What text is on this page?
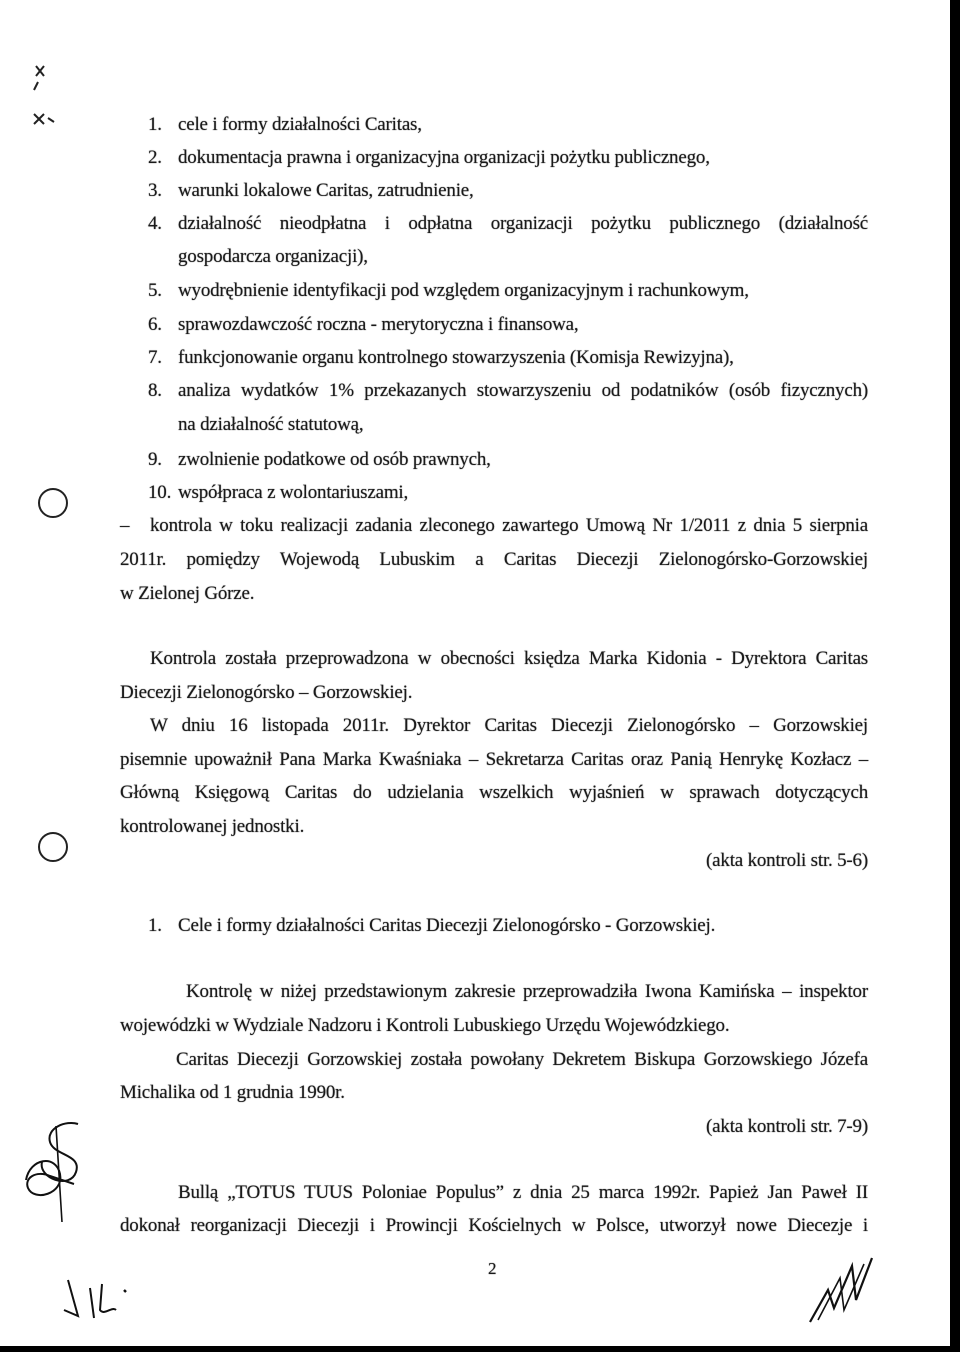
1. cele i formy działalności Caritas,
2. dokumentacja prawna i organizacyjna organizacji pożytku publicznego,
3. warunki lokalowe Caritas, zatrudnienie,
4. działalność nieodpłatna i odpłatna organizacji pożytku publicznego (działalność
gospodarcza organizacji),
5. wyodrębnienie identyfikacji pod względem organizacyjnym i rachunkowym,
6. sprawozdawczość roczna - merytoryczna i finansowa,
7. funkcjonowanie organu kontrolnego stowarzyszenia (Komisja Rewizyjna),
8. analiza wydatków 1% przekazanych stowarzyszeniu od podatników (osób fizycznych)
na działalność statutową,
9. zwolnienie podatkowe od osób prawnych,
10. współpraca z wolontariuszami,
– kontrola w toku realizacji zadania zleconego zawartego Umową Nr 1/2011 z dnia 5 sierpnia
2011r. pomiędzy Wojewodą Lubuskim a Caritas Diecezji Zielonogórsko-Gorzowskiej
w Zielonej Górze.
Kontrola została przeprowadzona w obecności księdza Marka Kidonia - Dyrektora Caritas
Diecezji Zielonogórsko – Gorzowskiej.
W dniu 16 listopada 2011r. Dyrektor Caritas Diecezji Zielonogórsko – Gorzowskiej
pisemnie upoważnił Pana Marka Kwaśniaka – Sekretarza Caritas oraz Panią Henrykę Kozłacz –
Główną Księgową Caritas do udzielania wszelkich wyjaśnień w sprawach dotyczących
kontrolowanej jednostki.
(akta kontroli str. 5-6)
1. Cele i formy działalności Caritas Diecezji Zielonogórsko - Gorzowskiej.
Kontrolę w niżej przedstawionym zakresie przeprowadziła Iwona Kamińska – inspektor
wojewódzki w Wydziale Nadzoru i Kontroli Lubuskiego Urzędu Wojewódzkiego.
Caritas Diecezji Gorzowskiej została powołany Dekretem Biskupa Gorzowskiego Józefa
Michalika od 1 grudnia 1990r.
(akta kontroli str. 7-9)
Bullą „TOTUS TUUS Poloniae Populus” z dnia 25 marca 1992r. Papież Jan Paweł II
dokonał reorganizacji Diecezji i Prowincji Kościelnych w Polsce, utworzył nowe Diecezje i
2
